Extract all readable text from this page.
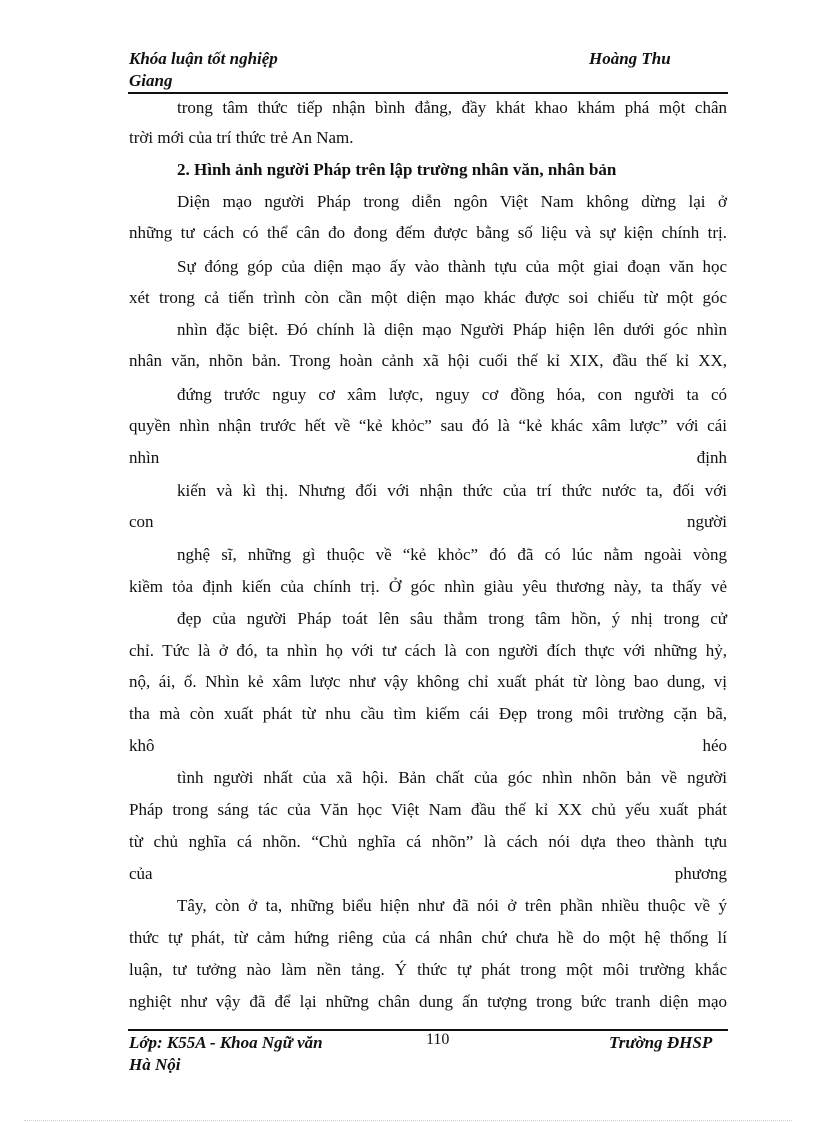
Khóa luận tốt nghiệp
Giang
Hoàng Thu
trong tâm thức tiếp nhận bình đẳng, đầy khát khao khám phá một chân
trời mới của trí thức trẻ An Nam.
2. Hình ảnh người Pháp trên lập trường nhân văn, nhân bản
Diện mạo người Pháp trong diễn ngôn Việt Nam không dừng lại ở
những tư cách có thể cân đo đong đếm được bằng số liệu và sự kiện chính trị.
Sự đóng góp của diện mạo ấy vào thành tựu của một giai đoạn văn học
xét trong cả tiến trình còn cần một diện mạo khác được soi chiếu từ một góc
nhìn đặc biệt. Đó chính là diện mạo Người Pháp hiện lên dưới góc nhìn
nhân văn, nhõn bản. Trong hoàn cảnh xã hội cuối thế kỉ XIX, đầu thế kỉ XX,
đứng trước nguy cơ xâm lược, nguy cơ đồng hóa, con người ta có
quyền nhìn nhận trước hết về “kẻ khỏc” sau đó là “kẻ khác xâm lược” với cái
nhìn định
kiến và kì thị. Nhưng đối với nhận thức của trí thức nước ta, đối với
con người
nghệ sĩ, những gì thuộc về “kẻ khỏc” đó đã có lúc nằm ngoài vòng
kiềm tỏa định kiến của chính trị. Ở góc nhìn giàu yêu thương này, ta thấy vẻ
đẹp của người Pháp toát lên sâu thẳm trong tâm hồn, ý nhị trong cử
chỉ. Tức là ở đó, ta nhìn họ với tư cách là con người đích thực với những hỷ,
nộ, ái, ố. Nhìn kẻ xâm lược như vậy không chỉ xuất phát từ lòng bao dung, vị
tha mà còn xuất phát từ nhu cầu tìm kiếm cái Đẹp trong môi trường cặn bã,
khô héo
tình người nhất của xã hội. Bản chất của góc nhìn nhõn bản về người
Pháp trong sáng tác của Văn học Việt Nam đầu thế kỉ XX chủ yếu xuất phát
từ chủ nghĩa cá nhõn. “Chủ nghĩa cá nhõn” là cách nói dựa theo thành tựu
của phương
Tây, còn ở ta, những biểu hiện như đã nói ở trên phần nhiều thuộc về ý
thức tự phát, từ cảm hứng riêng của cá nhân chứ chưa hề do một hệ thống lí
luận, tư tưởng nào làm nền tảng. Ý thức tự phát trong một môi trường khắc
nghiệt như vậy đã để lại những chân dung ấn tượng trong bức tranh diện mạo
Lớp: K55A - Khoa Ngữ văn
Hà Nội
110	Trường ĐHSP
